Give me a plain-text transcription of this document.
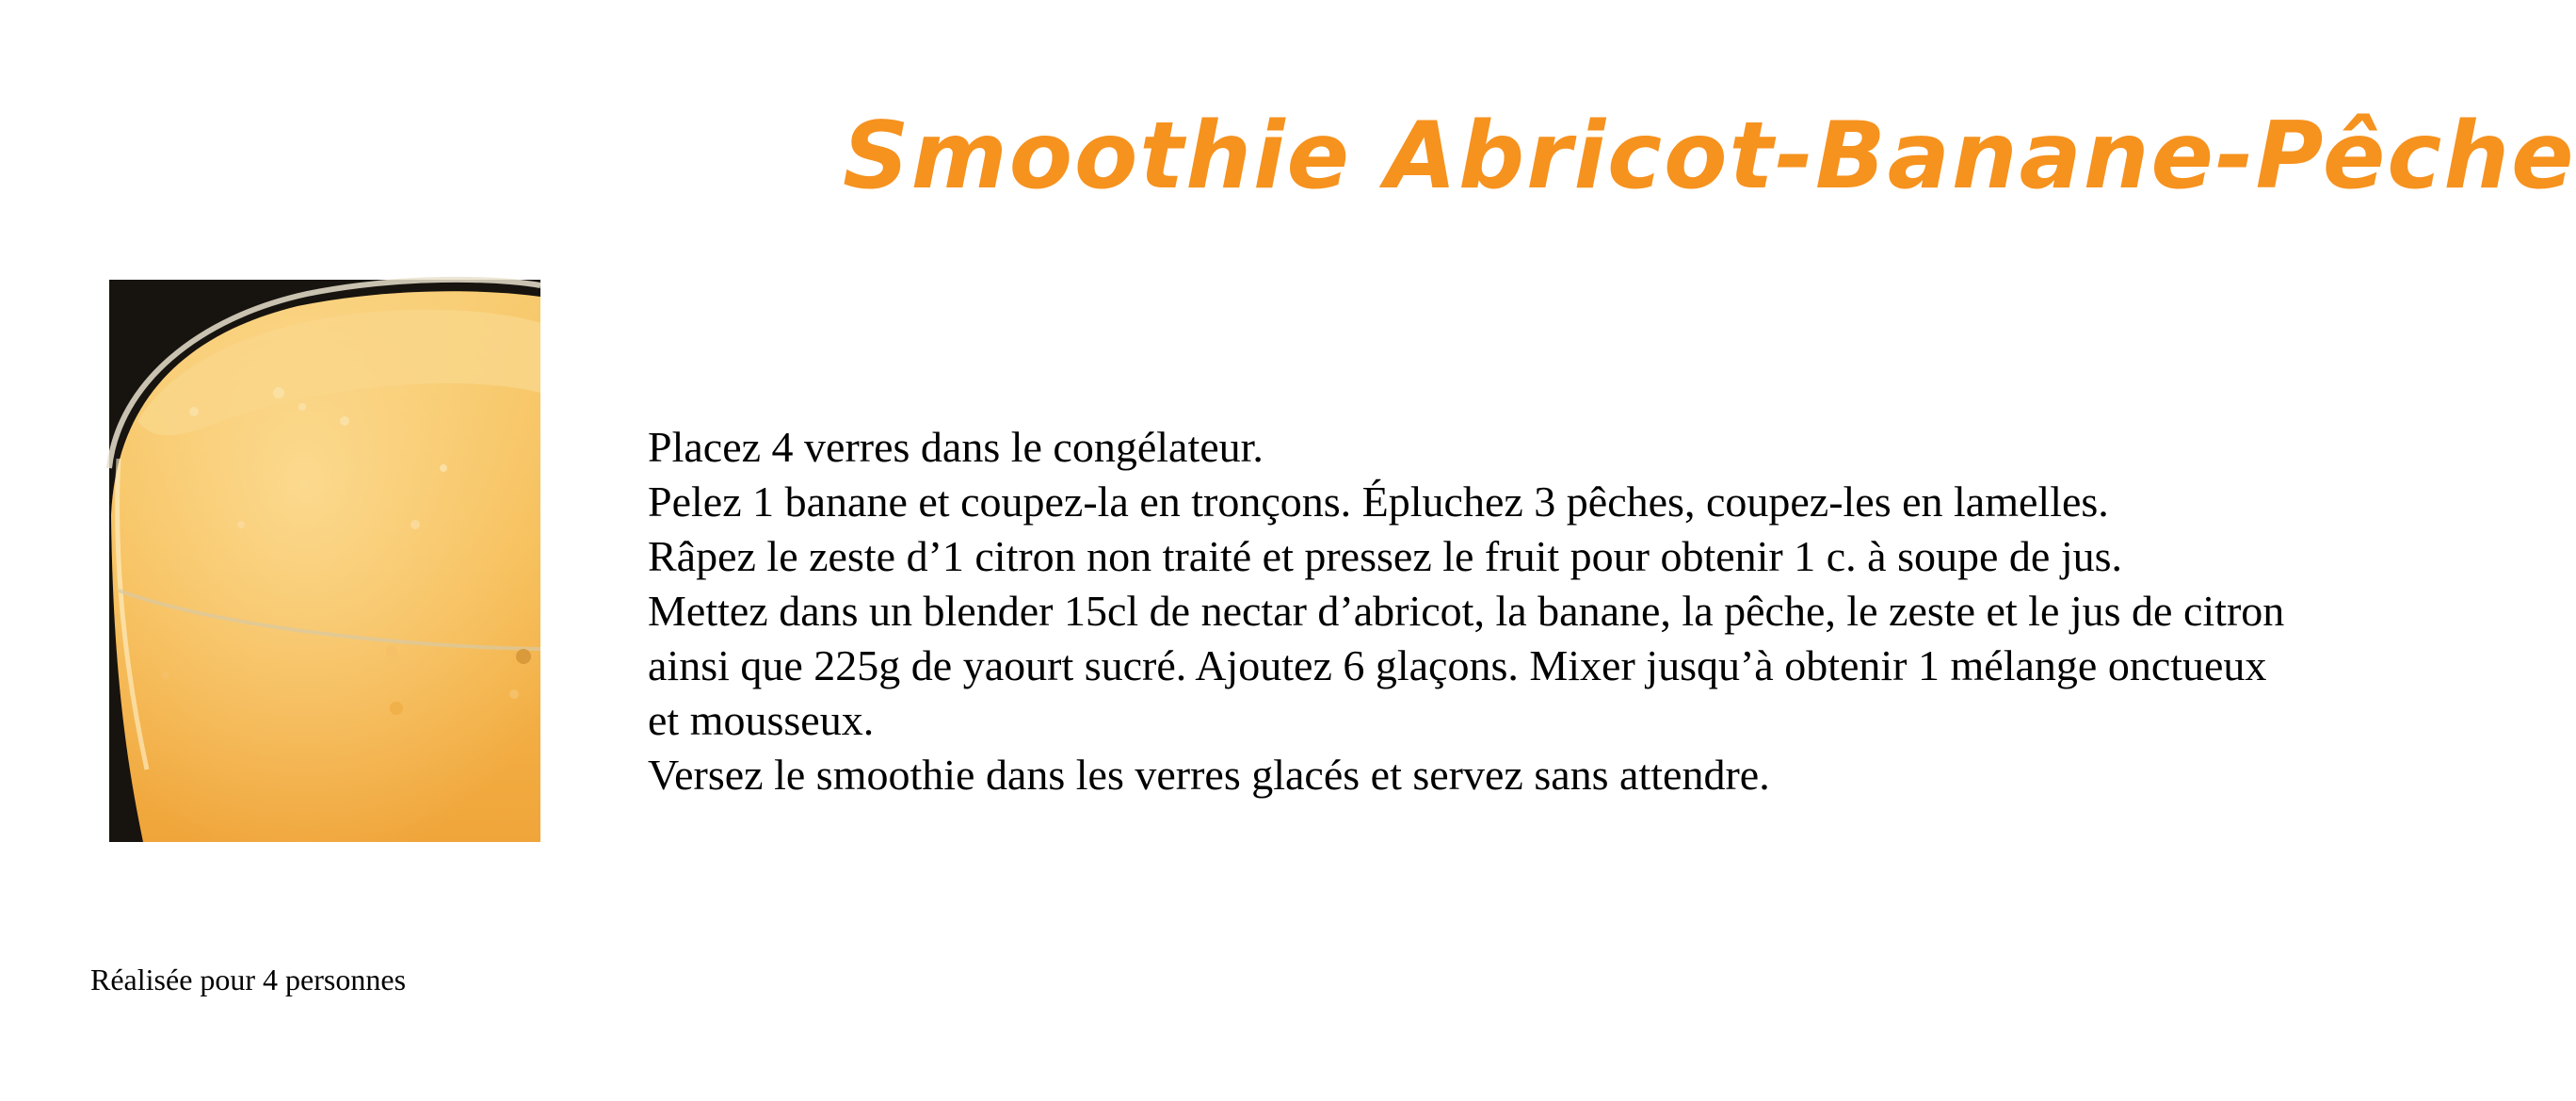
Smoothie Abricot-Banane-Pêche
Placez 4 verres dans le congélateur.
Pelez 1 banane et coupez-la en tronçons. Épluchez 3 pêches, coupez-les en lamelles.
Râpez le zeste d’1 citron non traité et pressez le fruit pour obtenir 1 c. à soupe de jus.
Mettez dans un blender 15cl de nectar d’abricot, la banane, la pêche, le zeste et le jus de citron ainsi que 225g de yaourt sucré. Ajoutez 6 glaçons. Mixer jusqu’à obtenir 1 mélange onctueux et mousseux.
Versez le smoothie dans les verres glacés et servez sans attendre.

Réalisée pour 4 personnes
